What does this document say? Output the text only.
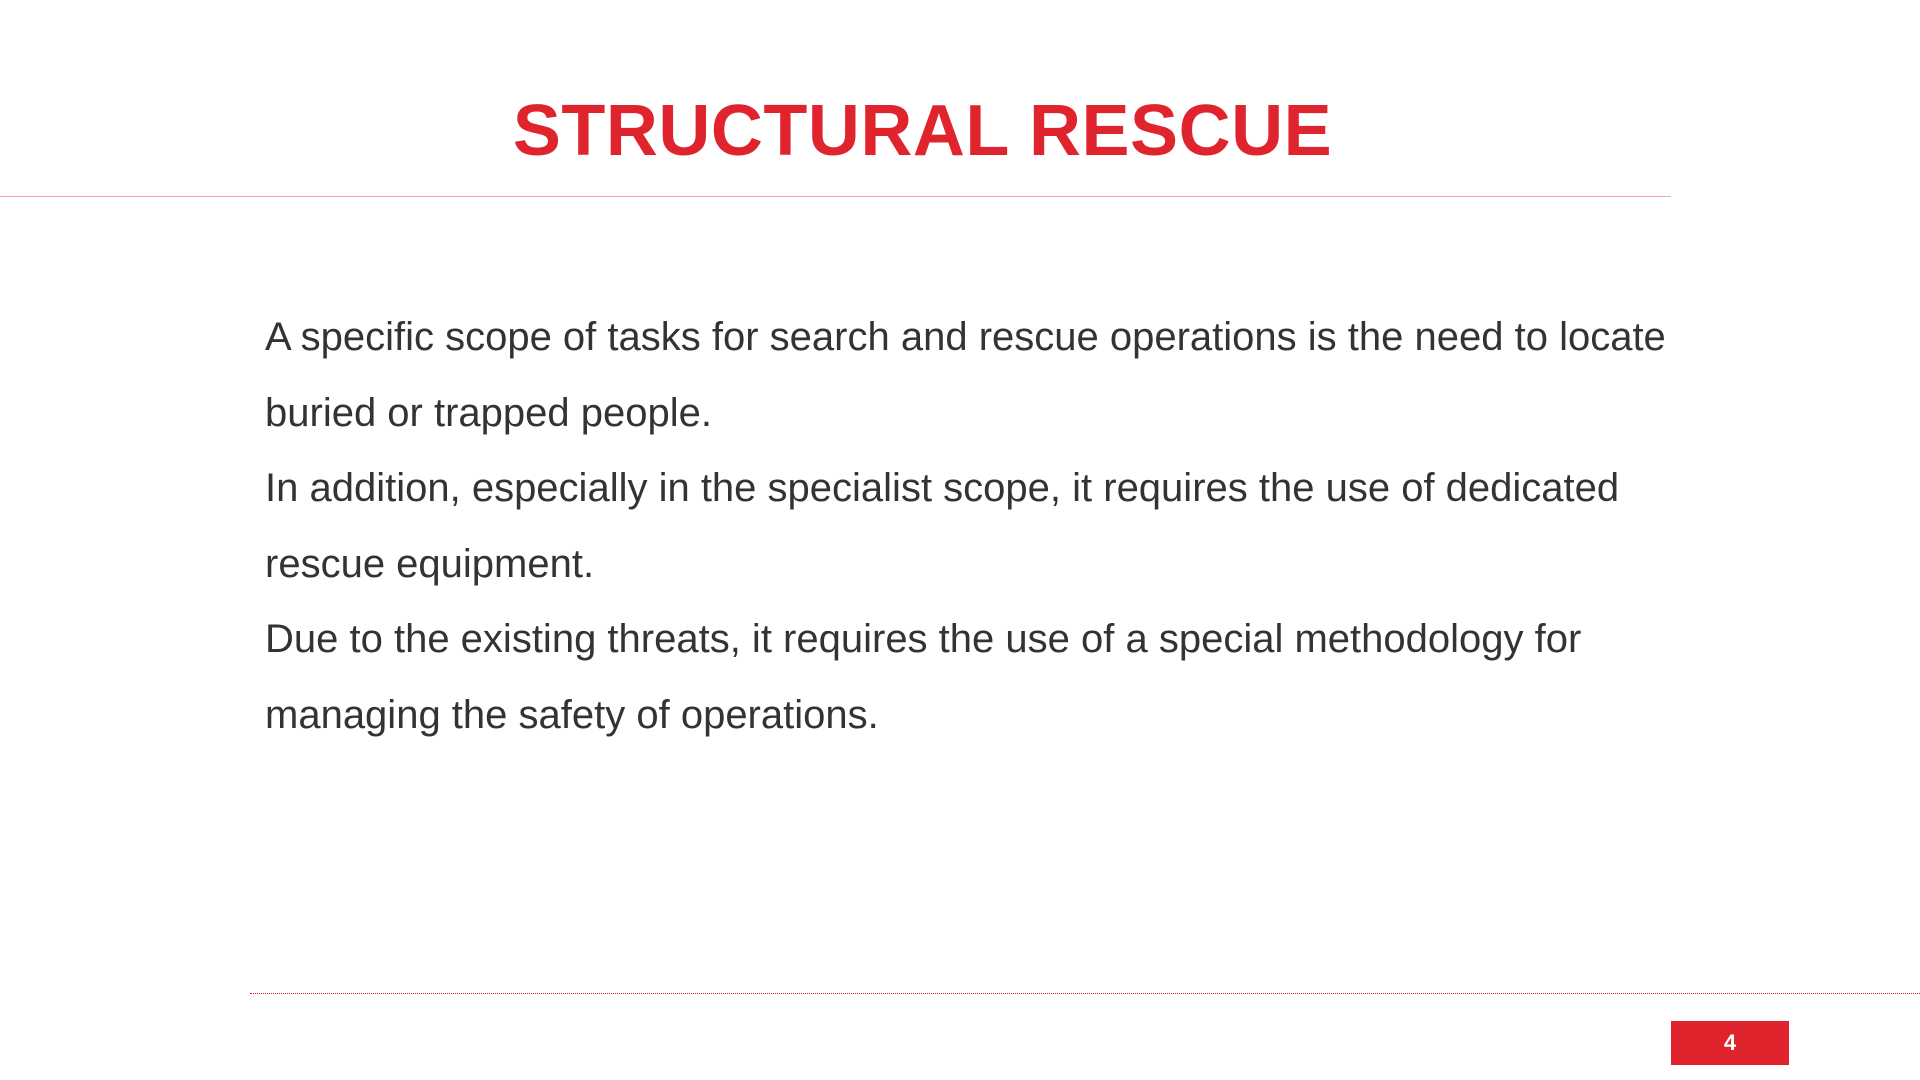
STRUCTURAL RESCUE

A specific scope of tasks for search and rescue operations is the need to locate buried or trapped people.

In addition, especially in the specialist scope, it requires the use of dedicated rescue equipment.

Due to the existing threats, it requires the use of a special methodology for managing the safety of operations.

4
